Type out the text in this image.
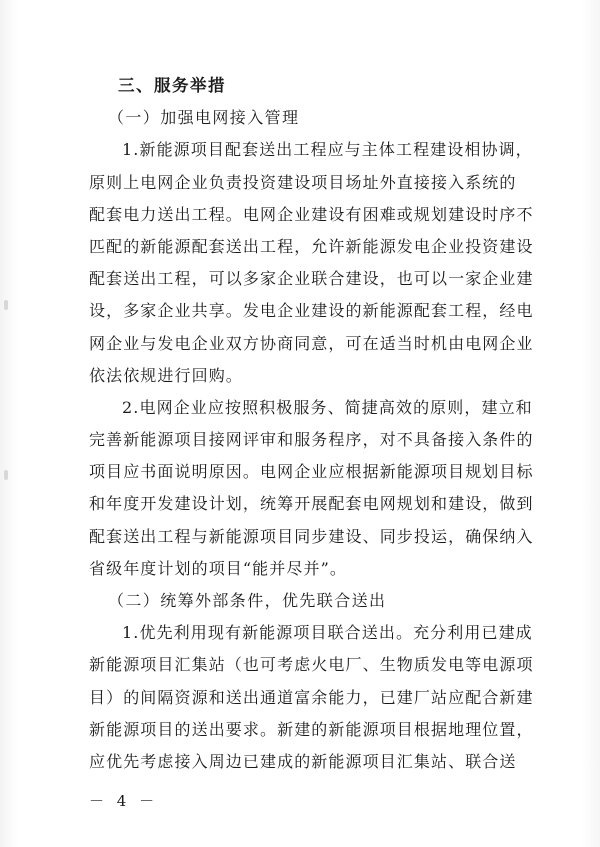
三、服务举措
（一）加强电网接入管理
1.新能源项目配套送出工程应与主体工程建设相协调，
原则上电网企业负责投资建设项目场址外直接接入系统的
配套电力送出工程。电网企业建设有困难或规划建设时序不
匹配的新能源配套送出工程，允许新能源发电企业投资建设
配套送出工程，可以多家企业联合建设，也可以一家企业建
设，多家企业共享。发电企业建设的新能源配套工程，经电
网企业与发电企业双方协商同意，可在适当时机由电网企业
依法依规进行回购。
2.电网企业应按照积极服务、简捷高效的原则，建立和
完善新能源项目接网评审和服务程序，对不具备接入条件的
项目应书面说明原因。电网企业应根据新能源项目规划目标
和年度开发建设计划，统筹开展配套电网规划和建设，做到
配套送出工程与新能源项目同步建设、同步投运，确保纳入
省级年度计划的项目“能并尽并”。
（二）统筹外部条件，优先联合送出
1.优先利用现有新能源项目联合送出。充分利用已建成
新能源项目汇集站（也可考虑火电厂、生物质发电等电源项
目）的间隔资源和送出通道富余能力，已建厂站应配合新建
新能源项目的送出要求。新建的新能源项目根据地理位置，
应优先考虑接入周边已建成的新能源项目汇集站、联合送
－ 4 －
